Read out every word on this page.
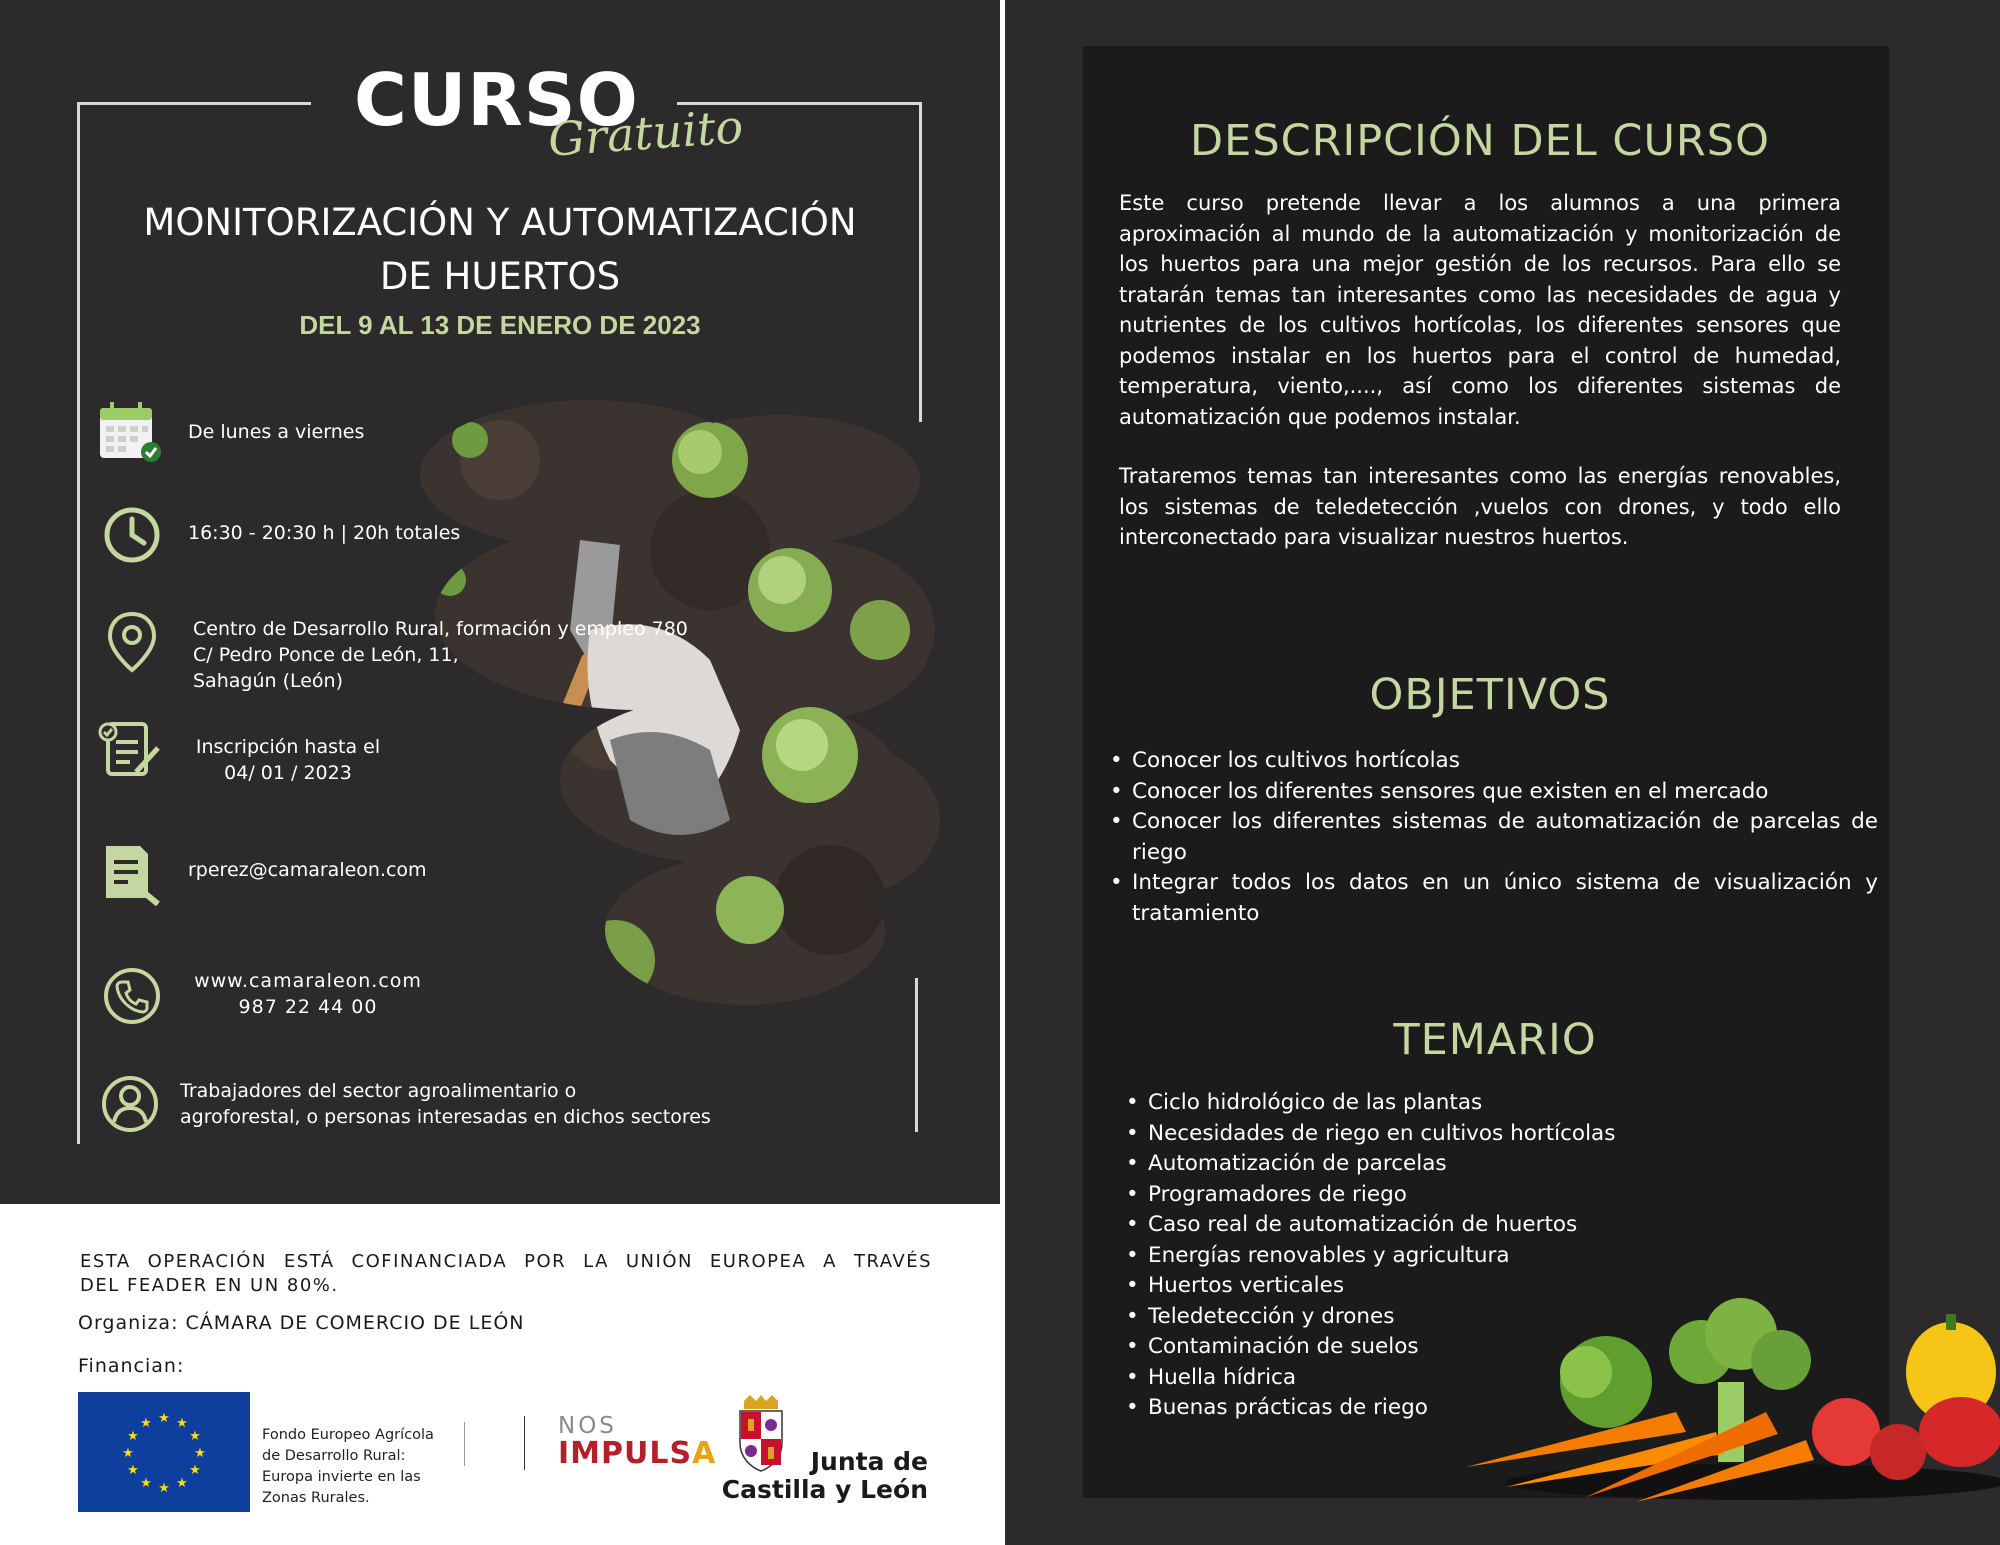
CURSO
Gratuito
MONITORIZACIÓN Y AUTOMATIZACIÓN
DE HUERTOS
DEL 9 AL 13 DE ENERO DE 2023
De lunes a viernes
16:30 - 20:30 h | 20h totales
Centro de Desarrollo Rural, formación y empleo 780
C/ Pedro Ponce de León, 11,
Sahagún (León)
Inscripción hasta el
04/ 01 / 2023
rperez@camaraleon.com
www.camaraleon.com
987 22 44 00
Trabajadores del sector agroalimentario o
agroforestal, o personas interesadas en dichos sectores
ESTA OPERACIÓN ESTÁ COFINANCIADA POR LA UNIÓN EUROPEA A TRAVÉS
DEL FEADER EN UN 80%.
Organiza: CÁMARA DE COMERCIO DE LEÓN
Financian:
★ ★
★
★
★
★
★
★
★
★
★
★
Fondo Europeo Agrícola
de Desarrollo Rural:
Europa invierte en las
Zonas Rurales.
NOS
IMPULSA	Junta de
Castilla y León
DESCRIPCIÓN DEL CURSO
Este curso pretende llevar a los alumnos a una primera aproximación al mundo de la automatización y monitorización de los huertos para una mejor gestión de los recursos. Para ello se tratarán temas tan interesantes como las necesidades de agua y nutrientes de los cultivos hortícolas, los diferentes sensores que podemos instalar en los huertos para el control de humedad, temperatura, viento,...., así como los diferentes sistemas de automatización que podemos instalar.
Trataremos temas tan interesantes como las energías renovables, los sistemas de teledetección ,vuelos con drones, y todo ello interconectado para visualizar nuestros huertos.
OBJETIVOS
• Conocer los cultivos hortícolas
• Conocer los diferentes sensores que existen en el mercado
• Conocer los diferentes sistemas de automatización de parcelas de riego
• Integrar todos los datos en un único sistema de visualización y tratamiento
TEMARIO
• Ciclo hidrológico de las plantas
• Necesidades de riego en cultivos hortícolas
• Automatización de parcelas
• Programadores de riego
• Caso real de automatización de huertos
• Energías renovables y agricultura
• Huertos verticales
• Teledetección y drones
• Contaminación de suelos
• Huella hídrica
• Buenas prácticas de riego
